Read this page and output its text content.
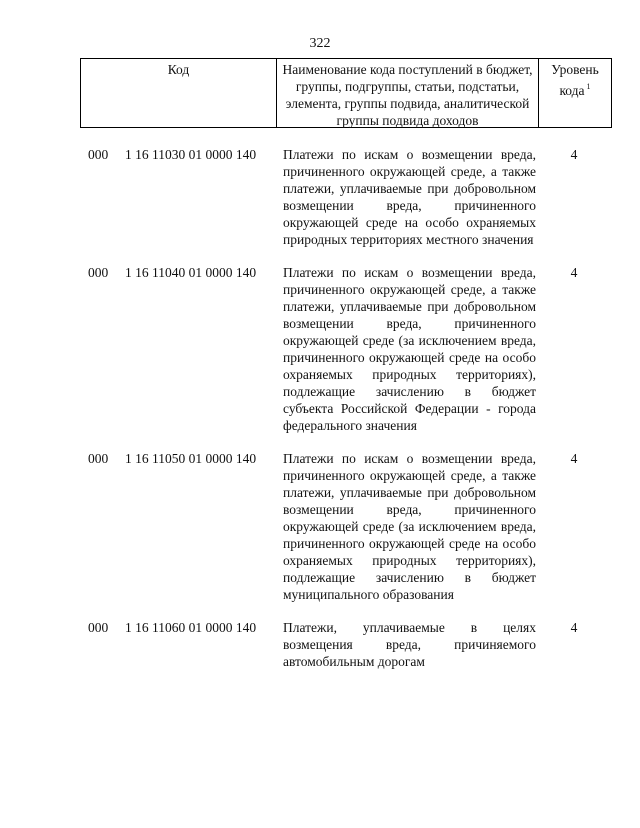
322
Код	Наименование кода поступлений в бюджет, группы, подгруппы, статьи, подстатьи, элемента, группы подвида, аналитической группы подвида доходов
Уровень кода $^1$
000 1 16 11030 01 0000 140 Платежи по искам о возмещении вреда, причиненного окружающей среде, а также платежи, уплачиваемые при добровольном возмещении вреда, причиненного окружающей среде на особо охраняемых природных территориях местного значения
4
000 1 16 11040 01 0000 140 Платежи по искам о возмещении вреда, причиненного окружающей среде, а также платежи, уплачиваемые при добровольном возмещении вреда, причиненного окружающей среде (за исключением вреда, причиненного окружающей среде на особо охраняемых природных территориях), подлежащие зачислению в бюджет субъекта Российской Федерации - города федерального значения
4
000 1 16 11050 01 0000 140 Платежи по искам о возмещении вреда, причиненного окружающей среде, а также платежи, уплачиваемые при добровольном возмещении вреда, причиненного окружающей среде (за исключением вреда, причиненного окружающей среде на особо охраняемых природных территориях), подлежащие зачислению в бюджет муниципального образования
4
000 1 16 11060 01 0000 140 Платежи, уплачиваемые в целях возмещения вреда, причиняемого автомобильным дорогам
4
